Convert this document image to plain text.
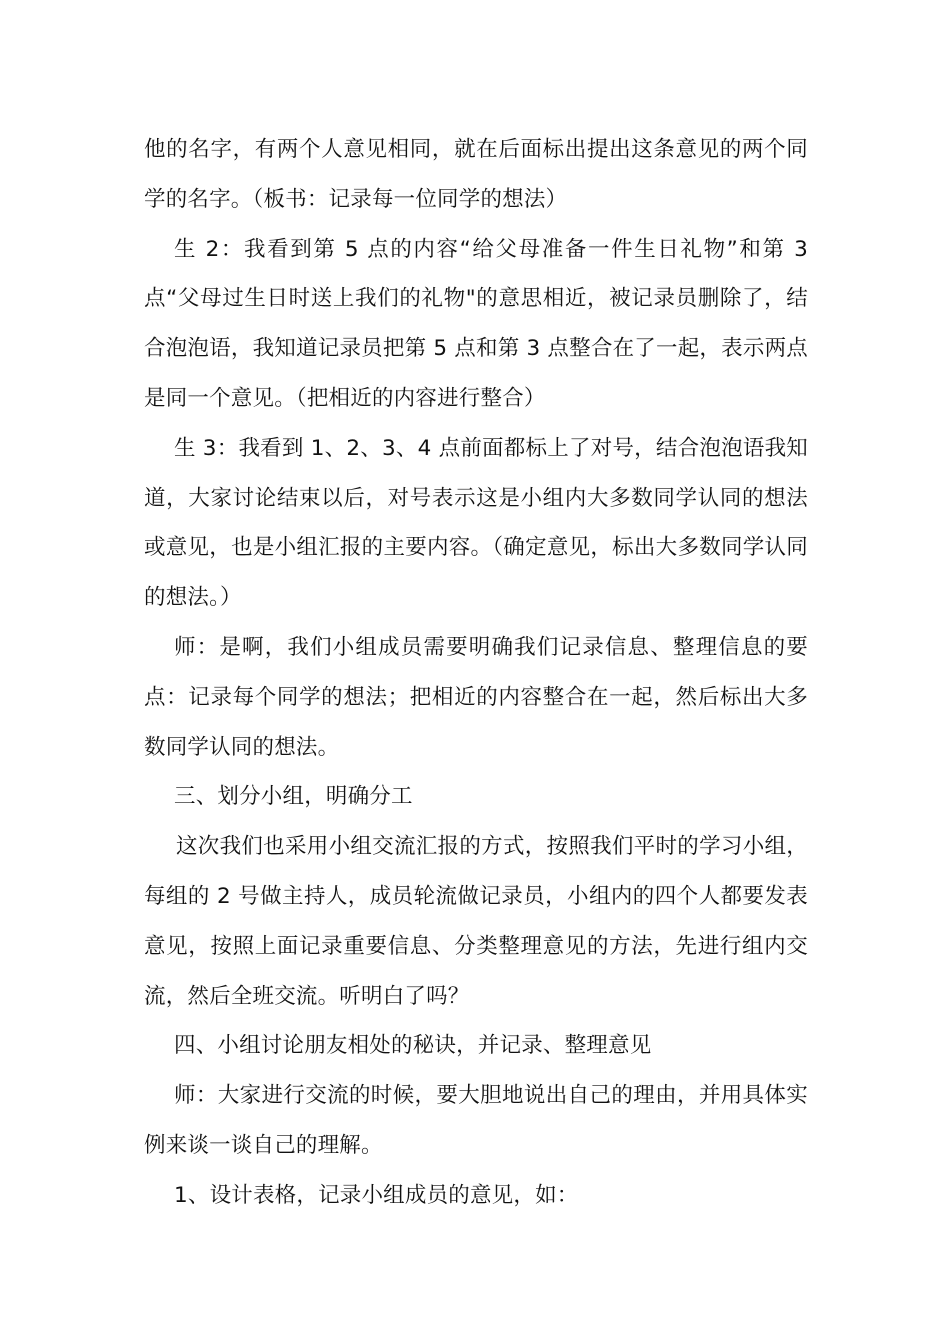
他的名字，有两个人意见相同，就在后面标出提出这条意见的两个同学的名字。（板书：记录每一位同学的想法）

生 2：我看到第 5 点的内容“给父母准备一件生日礼物”和第 3 点“父母过生日时送上我们的礼物"的意思相近，被记录员删除了，结合泡泡语，我知道记录员把第 5 点和第 3 点整合在了一起，表示两点是同一个意见。（把相近的内容进行整合）

生 3：我看到 1、2、3、4 点前面都标上了对号，结合泡泡语我知道，大家讨论结束以后，对号表示这是小组内大多数同学认同的想法或意见，也是小组汇报的主要内容。（确定意见，标出大多数同学认同的想法。）

师：是啊，我们小组成员需要明确我们记录信息、整理信息的要点：记录每个同学的想法；把相近的内容整合在一起，然后标出大多数同学认同的想法。

三、划分小组，明确分工

这次我们也采用小组交流汇报的方式，按照我们平时的学习小组，每组的 2 号做主持人，成员轮流做记录员，小组内的四个人都要发表意见，按照上面记录重要信息、分类整理意见的方法，先进行组内交流，然后全班交流。听明白了吗？

四、小组讨论朋友相处的秘诀，并记录、整理意见

师：大家进行交流的时候，要大胆地说出自己的理由，并用具体实例来谈一谈自己的理解。

1、设计表格，记录小组成员的意见，如：
